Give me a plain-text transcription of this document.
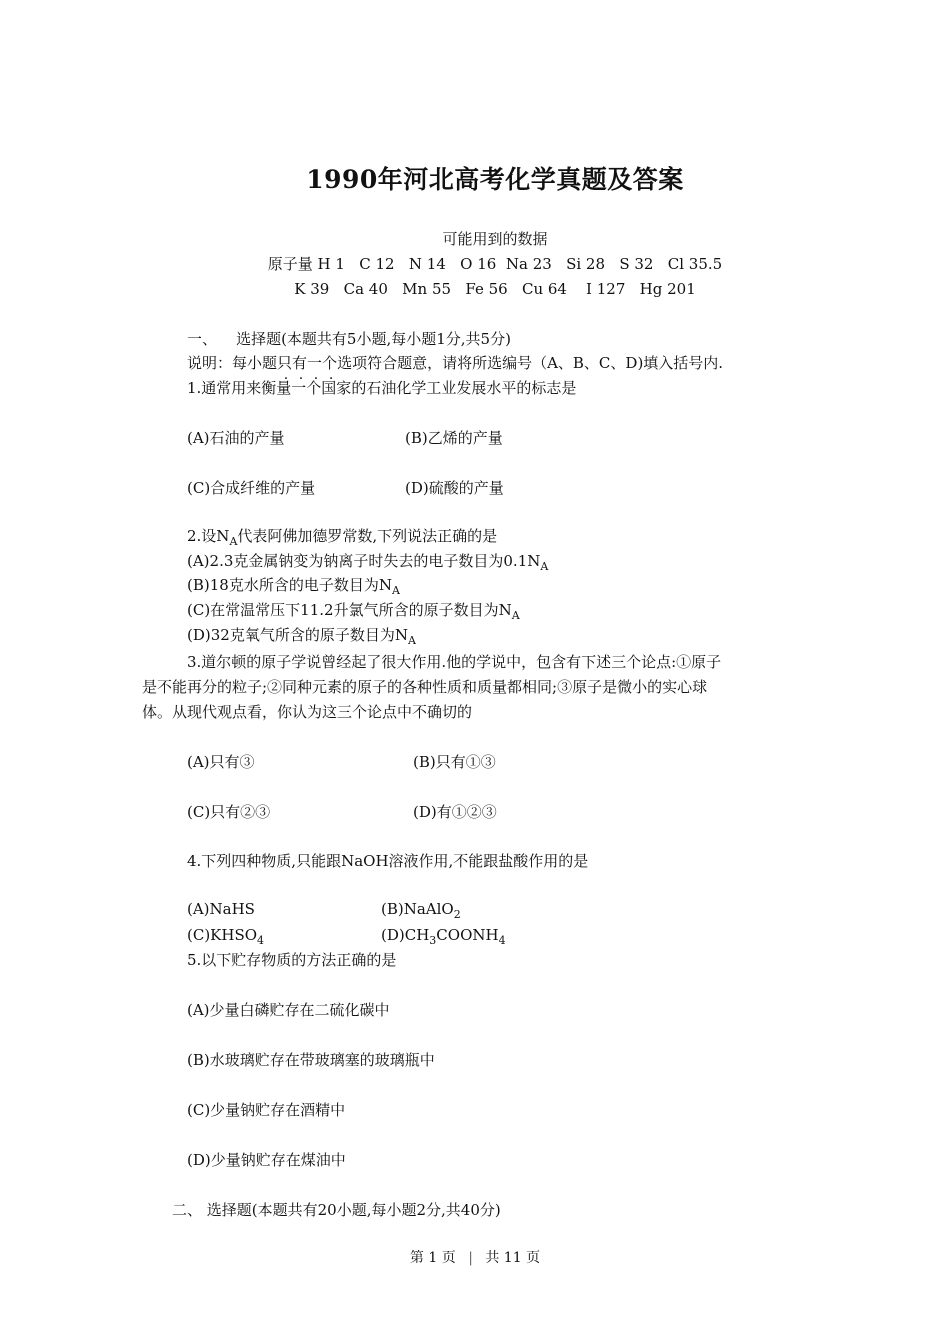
1990年河北高考化学真题及答案
可能用到的数据
原子量 H 1   C 12   N 14   O 16  Na 23   Si 28   S 32   Cl 35.5
K 39   Ca 40   Mn 55   Fe 56   Cu 64    I 127   Hg 201
一、    选择题(本题共有5小题,每小题1分,共5分)
说明：每小题只有一个选项符合题意，请将所选编号（A、B、C、D)填入括号内.
1.通常用来衡量一个国家的石油化学工业发展水平的标志是
(A)石油的产量	(B)乙烯的产量
(C)合成纤维的产量	(D)硫酸的产量
2.设$N_A$代表阿佛加德罗常数,下列说法正确的是
(A)2.3克金属钠变为钠离子时失去的电子数目为$0.1N_A$
(B)18克水所含的电子数目为$N_A$
(C)在常温常压下11.2升氯气所含的原子数目为$N_A$
(D)32克氧气所含的原子数目为$N_A$
3.道尔顿的原子学说曾经起了很大作用.他的学说中，包含有下述三个论点:①原子
是不能再分的粒子;②同种元素的原子的各种性质和质量都相同;③原子是微小的实心球
体。从现代观点看，你认为这三个论点中不确切的
(A)只有③	(B)只有①③
(C)只有②③	(D)有①②③
4.下列四种物质,只能跟NaOH溶液作用,不能跟盐酸作用的是
(A)NaHS	(B)NaAlO$_2$
$(C)KHSO_4$	$(D)CH_3COONH_4$
5.以下贮存物质的方法正确的是
(A)少量白磷贮存在二硫化碳中
(B)水玻璃贮存在带玻璃塞的玻璃瓶中
(C)少量钠贮存在酒精中
(D)少量钠贮存在煤油中
二、 选择题(本题共有20小题,每小题2分,共40分)
第 1 页 | 共 11 页
